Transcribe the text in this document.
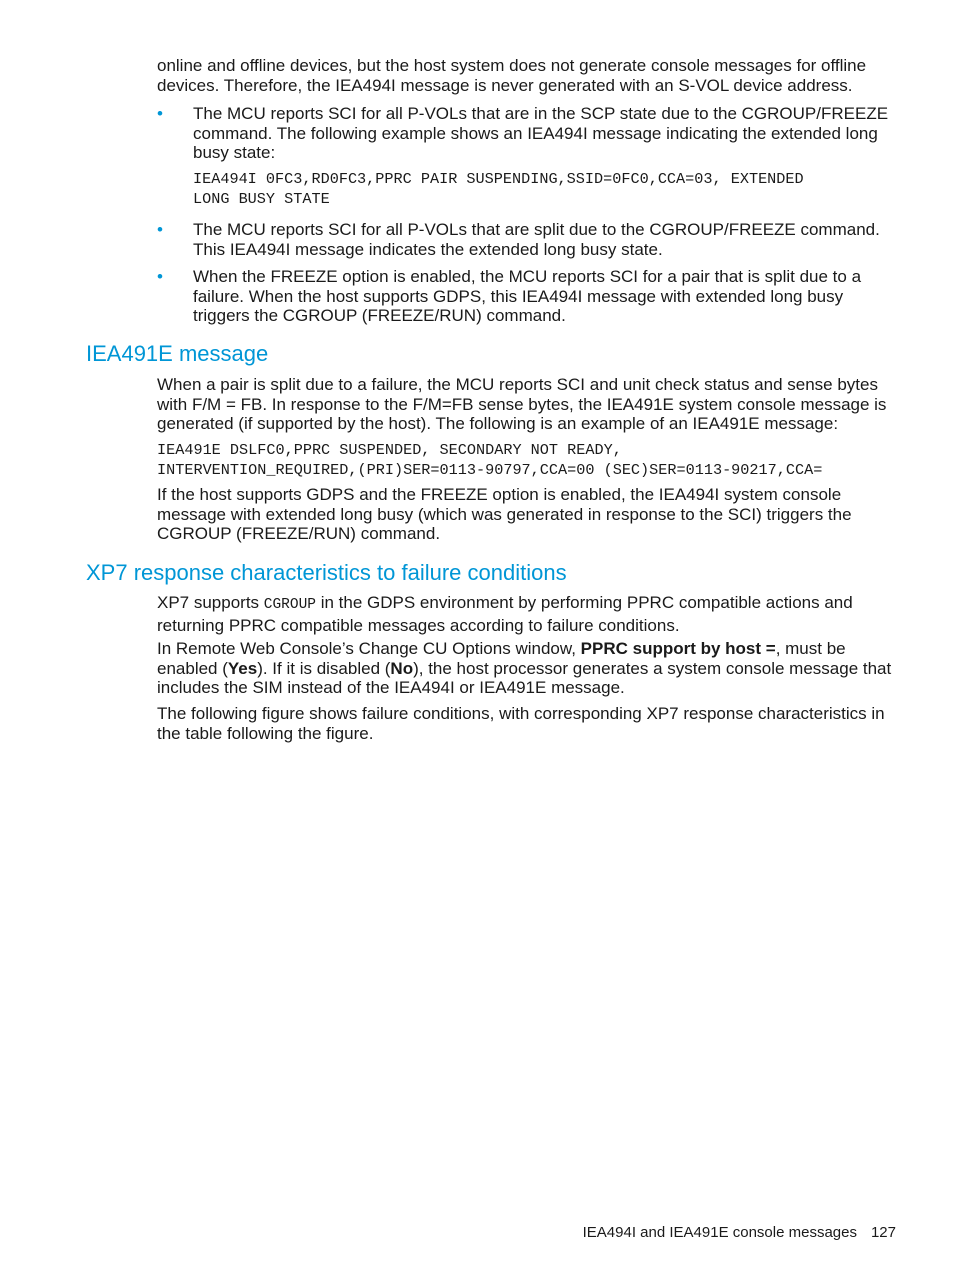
online and offline devices, but the host system does not generate console messages for offline
devices. Therefore, the IEA494I message is never generated with an S-VOL device address.

• The MCU reports SCI for all P-VOLs that are in the SCP state due to the CGROUP/FREEZE command. The following example shows an IEA494I message indicating the extended long busy state:
IEA494I 0FC3,RD0FC3,PPRC PAIR SUSPENDING,SSID=0FC0,CCA=03, EXTENDED
LONG BUSY STATE
• The MCU reports SCI for all P-VOLs that are split due to the CGROUP/FREEZE command. This IEA494I message indicates the extended long busy state.
• When the FREEZE option is enabled, the MCU reports SCI for a pair that is split due to a failure. When the host supports GDPS, this IEA494I message with extended long busy triggers the CGROUP (FREEZE/RUN) command.
IEA491E message

When a pair is split due to a failure, the MCU reports SCI and unit check status and sense bytes with F/M = FB. In response to the F/M=FB sense bytes, the IEA491E system console message is generated (if supported by the host). The following is an example of an IEA491E message:

IEA491E DSLFC0,PPRC SUSPENDED, SECONDARY NOT READY,
INTERVENTION_REQUIRED,(PRI)SER=0113-90797,CCA=00 (SEC)SER=0113-90217,CCA=

If the host supports GDPS and the FREEZE option is enabled, the IEA494I system console message with extended long busy (which was generated in response to the SCI) triggers the CGROUP (FREEZE/RUN) command.

XP7 response characteristics to failure conditions

XP7 supports CGROUP in the GDPS environment by performing PPRC compatible actions and returning PPRC compatible messages according to failure conditions.

In Remote Web Console’s Change CU Options window, PPRC support by host =, must be enabled (Yes). If it is disabled (No), the host processor generates a system console message that includes the SIM instead of the IEA494I or IEA491E message.

The following figure shows failure conditions, with corresponding XP7 response characteristics in the table following the figure.

IEA494I and IEA491E console messages 127
